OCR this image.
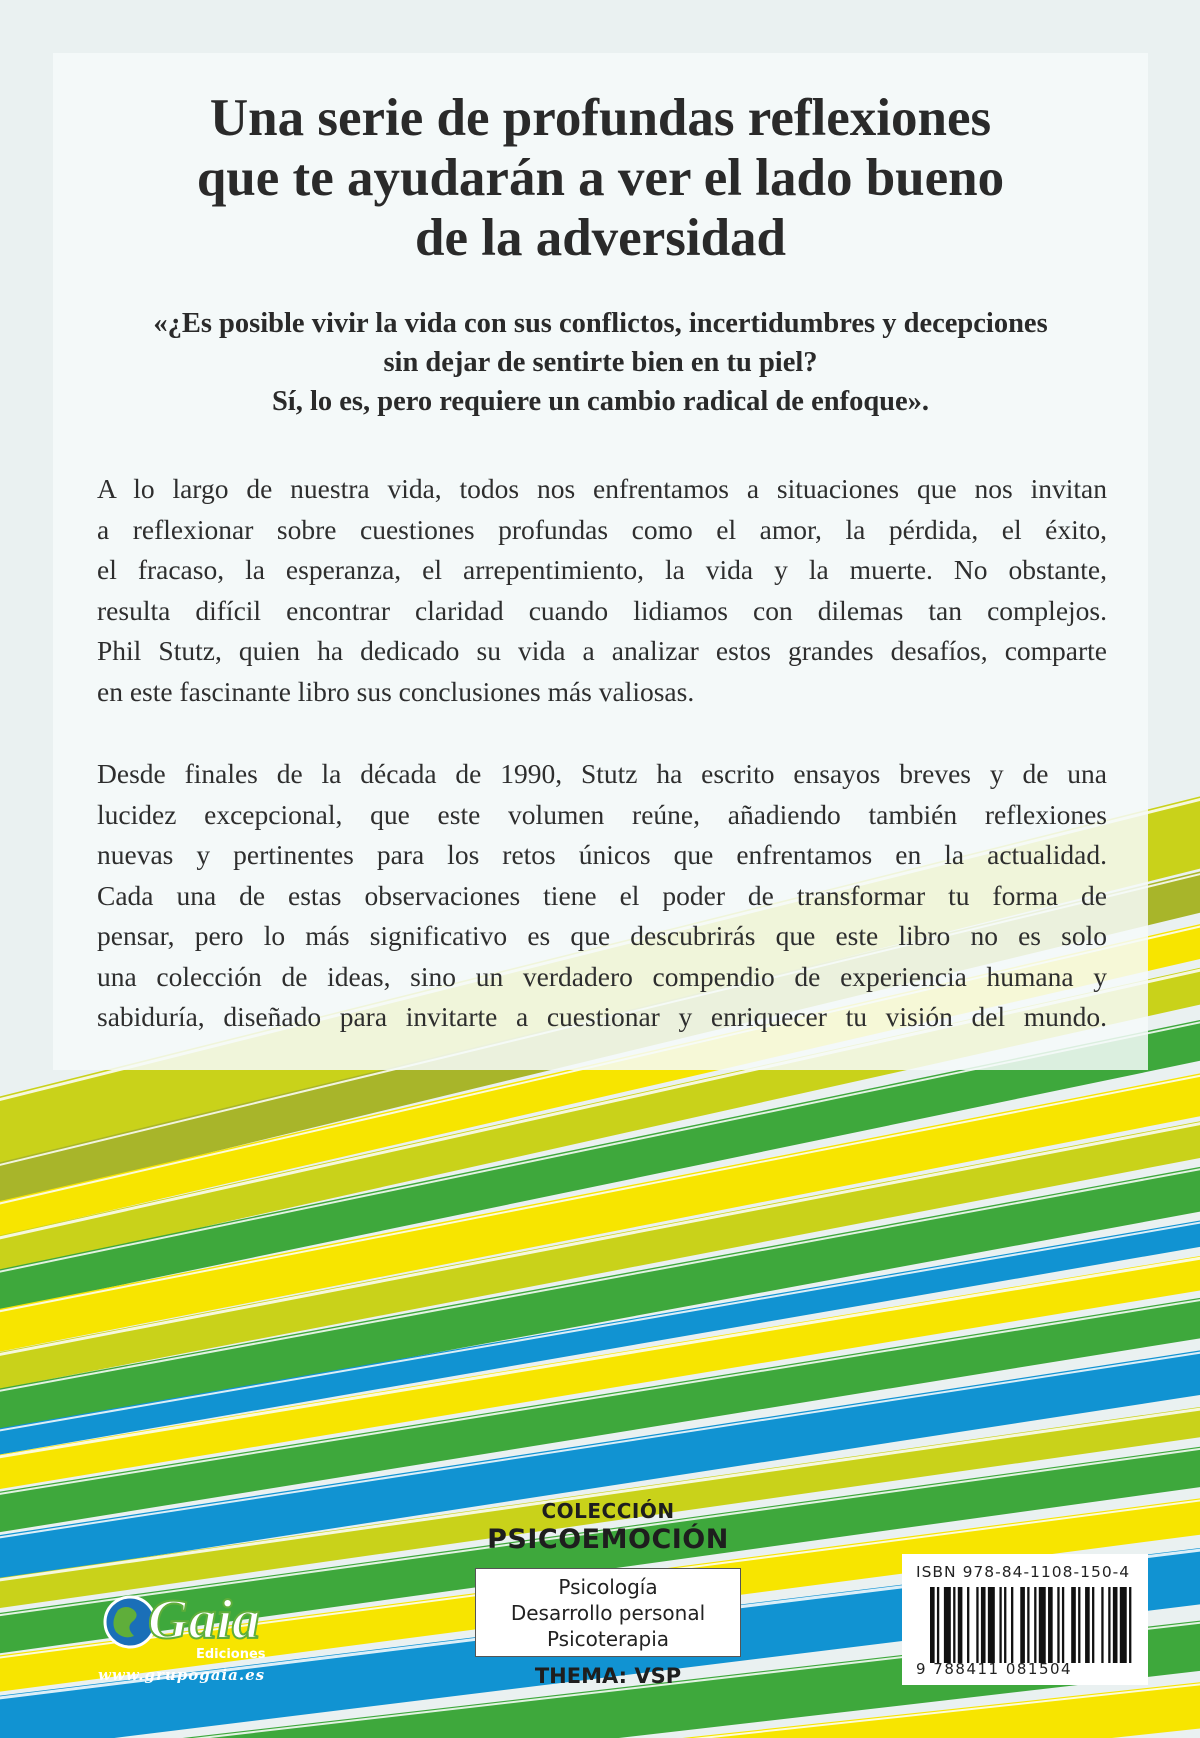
Una serie de profundas reflexiones
que te ayudarán a ver el lado bueno
de la adversidad
«¿Es posible vivir la vida con sus conflictos, incertidumbres y decepciones
sin dejar de sentirte bien en tu piel?
Sí, lo es, pero requiere un cambio radical de enfoque».

A lo largo de nuestra vida, todos nos enfrentamos a situaciones que nos invitan
a reflexionar sobre cuestiones profundas como el amor, la pérdida, el éxito,
el fracaso, la esperanza, el arrepentimiento, la vida y la muerte. No obstante,
resulta difícil encontrar claridad cuando lidiamos con dilemas tan complejos.
Phil Stutz, quien ha dedicado su vida a analizar estos grandes desafíos, comparte
en este fascinante libro sus conclusiones más valiosas.

Desde finales de la década de 1990, Stutz ha escrito ensayos breves y de una
lucidez excepcional, que este volumen reúne, añadiendo también reflexiones
nuevas y pertinentes para los retos únicos que enfrentamos en la actualidad.
Cada una de estas observaciones tiene el poder de transformar tu forma de
pensar, pero lo más significativo es que descubrirás que este libro no es solo
una colección de ideas, sino un verdadero compendio de experiencia humana y
sabiduría, diseñado para invitarte a cuestionar y enriquecer tu visión del mundo.

COLECCIÓN
PSICOEMOCIÓN
Psicología
Desarrollo personal
Psicoterapia
THEMA: VSP
Gaia
Ediciones
www.grupogaia.es
ISBN 978-84-1108-150-4
9 788411 081504
